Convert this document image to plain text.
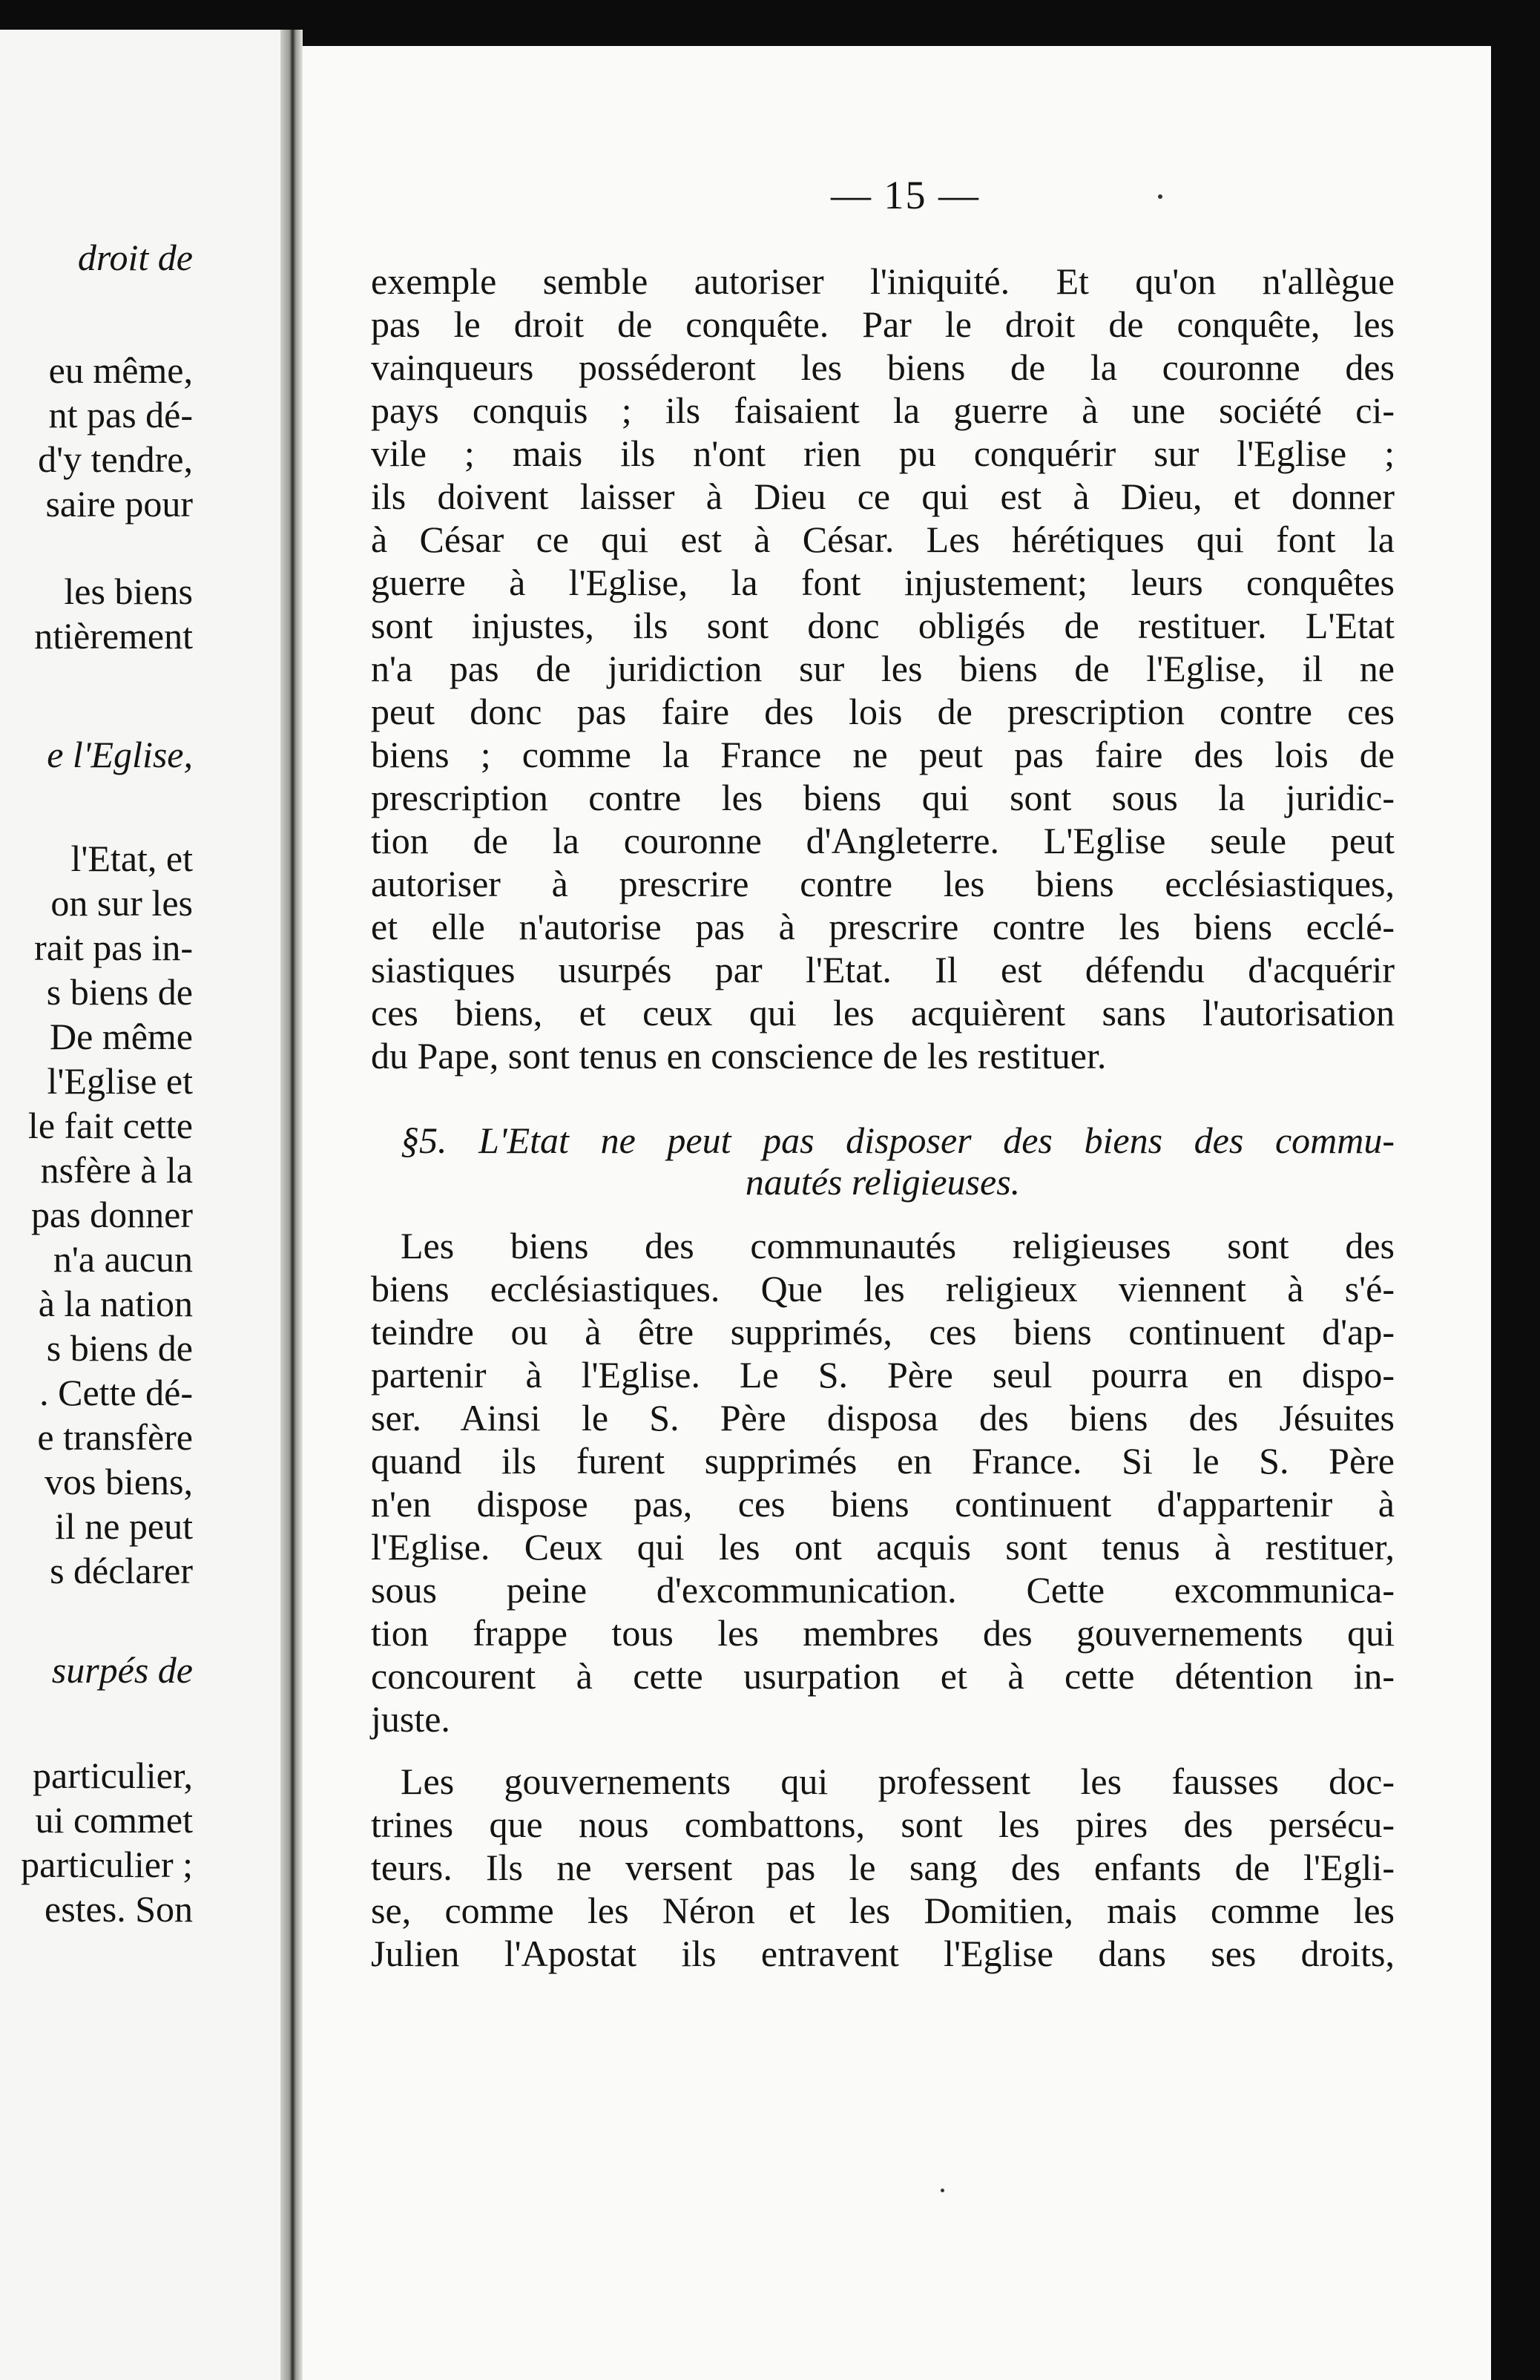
droit de
eu même,
nt pas dé-
d'y tendre,
saire pour
les biens
ntièrement
e l'Eglise,
l'Etat, et
on sur les
rait pas in-
s biens de
De même
l'Eglise et
le fait cette
nsfère à la
pas donner
n'a aucun
à la nation
s biens de
. Cette dé-
e transfère
vos biens,
il ne peut
s déclarer
surpés de
particulier,
ui commet
particulier ;
estes. Son
— 15 —
exemple semble autoriser l'iniquité. Et qu'on n'allègue
pas le droit de conquête. Par le droit de conquête, les
vainqueurs posséderont les biens de la couronne des
pays conquis ; ils faisaient la guerre à une société ci-
vile ; mais ils n'ont rien pu conquérir sur l'Eglise ;
ils doivent laisser à Dieu ce qui est à Dieu, et donner
à César ce qui est à César. Les hérétiques qui font la
guerre à l'Eglise, la font injustement; leurs conquêtes
sont injustes, ils sont donc obligés de restituer. L'Etat
n'a pas de juridiction sur les biens de l'Eglise, il ne
peut donc pas faire des lois de prescription contre ces
biens ; comme la France ne peut pas faire des lois de
prescription contre les biens qui sont sous la juridic-
tion de la couronne d'Angleterre. L'Eglise seule peut
autoriser à prescrire contre les biens ecclésiastiques,
et elle n'autorise pas à prescrire contre les biens ecclé-
siastiques usurpés par l'Etat. Il est défendu d'acquérir
ces biens, et ceux qui les acquièrent sans l'autorisation
du Pape, sont tenus en conscience de les restituer.
§5. L'Etat ne peut pas disposer des biens des commu-
nautés religieuses.
Les biens des communautés religieuses sont des
biens ecclésiastiques. Que les religieux viennent à s'é-
teindre ou à être supprimés, ces biens continuent d'ap-
partenir à l'Eglise. Le S. Père seul pourra en dispo-
ser. Ainsi le S. Père disposa des biens des Jésuites
quand ils furent supprimés en France. Si le S. Père
n'en dispose pas, ces biens continuent d'appartenir à
l'Eglise. Ceux qui les ont acquis sont tenus à restituer,
sous peine d'excommunication. Cette excommunica-
tion frappe tous les membres des gouvernements qui
concourent à cette usurpation et à cette détention in-
juste.
Les gouvernements qui professent les fausses doc-
trines que nous combattons, sont les pires des persécu-
teurs. Ils ne versent pas le sang des enfants de l'Egli-
se, comme les Néron et les Domitien, mais comme les
Julien l'Apostat ils entravent l'Eglise dans ses droits,
